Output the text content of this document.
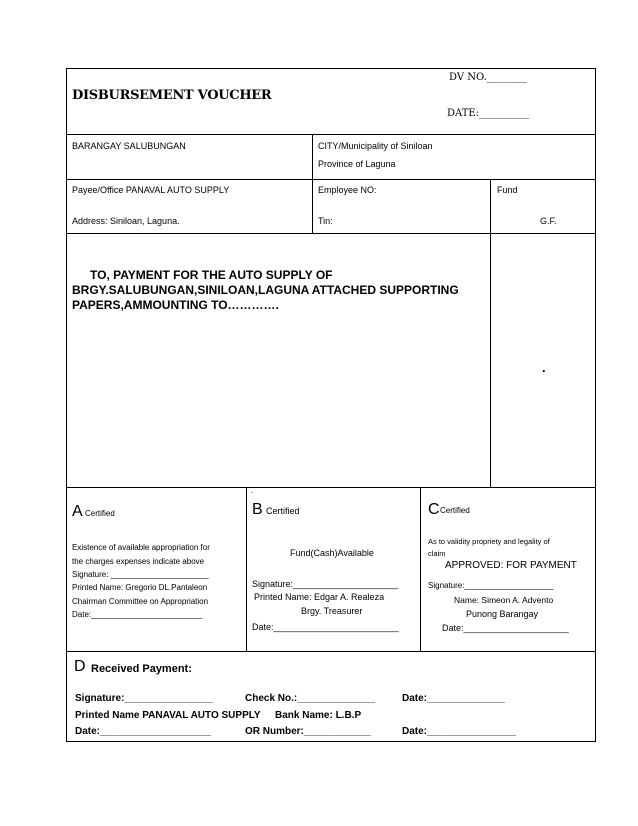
DISBURSEMENT VOUCHER
DV NO.________
DATE:__________
BARANGAY SALUBUNGAN	CITY/Municipality of Siniloan
Province of Laguna
Payee/Office PANAVAL AUTO SUPPLY
Address: Siniloan, Laguna.
Employee NO:
Tin:
Fund
G.F.
TO, PAYMENT FOR THE AUTO SUPPLY OF
BRGY.SALUBUNGAN,SINILOAN,LAGUNA ATTACHED SUPPORTING
PAPERS,AMMOUNTING TO………….
.
A Certified
Existence of available appropriation for
the charges expenses indicate above
Signature: ______________________
Printed Name: Gregorio DL.Pantaleon
Chairman Committee on Appropriation
Date:_________________________
.
B Certified
Fund(Cash)Available
Signature:_____________________
Printed Name: Edgar A. Realeza
Brgy. Treasurer
Date:_________________________
C Certified
As to validity propriety and legality of
claim
APPROVED: FOR PAYMENT
Signature:____________________
Name: Simeon A. Advento
Punong Barangay
Date:_____________________
D Received Payment:
Signature:________________	Check No.:______________	Date:______________
Printed Name PANAVAL AUTO SUPPLY Bank Name: L.B.P
Date:____________________	OR Number:____________	Date:________________
